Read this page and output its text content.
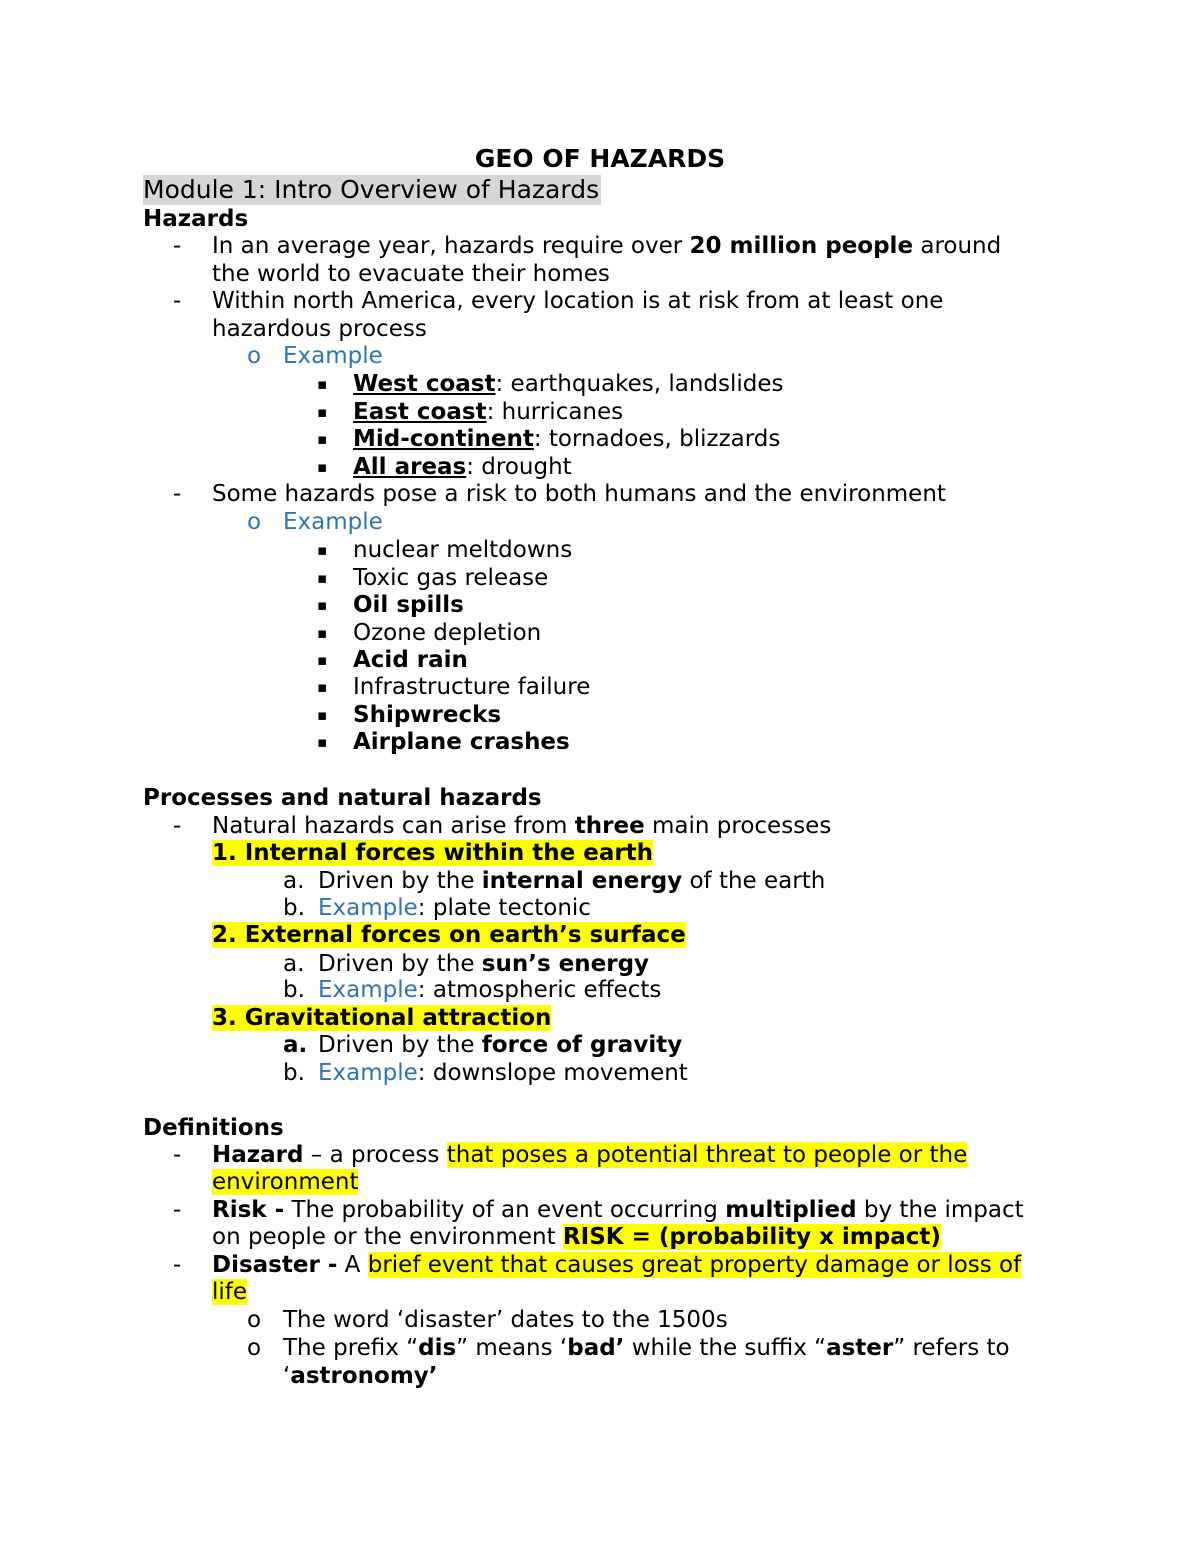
GEO OF HAZARDS
Module 1: Intro Overview of Hazards
Hazards
- In an average year, hazards require over 20 million people around
the world to evacuate their homes
- Within north America, every location is at risk from at least one
hazardous process
o Example
▪ West coast: earthquakes, landslides
▪ East coast: hurricanes
▪ Mid-continent: tornadoes, blizzards
▪ All areas: drought
- Some hazards pose a risk to both humans and the environment
o Example
▪ nuclear meltdowns
▪ Toxic gas release
▪ Oil spills
▪ Ozone depletion
▪ Acid rain
▪ Infrastructure failure
▪ Shipwrecks
▪ Airplane crashes
Processes and natural hazards
- Natural hazards can arise from three main processes
1. Internal forces within the earth
a. Driven by the internal energy of the earth
b. Example: plate tectonic
2. External forces on earth’s surface
a. Driven by the sun’s energy
b. Example: atmospheric effects
3. Gravitational attraction
a. Driven by the force of gravity
b. Example: downslope movement
Definitions
- Hazard – a process that poses a potential threat to people or the
environment
- Risk - The probability of an event occurring multiplied by the impact
on people or the environment RISK = (probability x impact)
- Disaster - A brief event that causes great property damage or loss of
life
o The word ‘disaster’ dates to the 1500s
o The prefix “dis” means ‘bad’ while the suffix “aster” refers to
‘astronomy’
